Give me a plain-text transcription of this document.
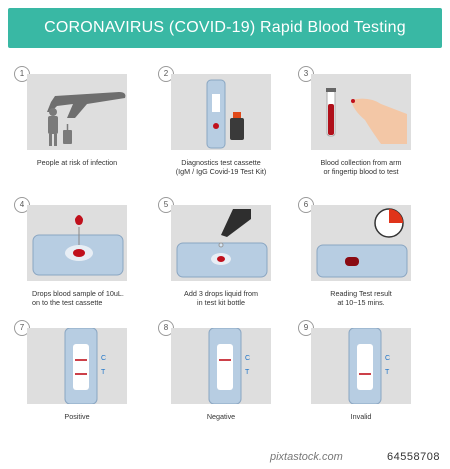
CORONAVIRUS (COVID-19) Rapid Blood Testing
1
People at risk of infection
2
Diagnostics test cassette
(IgM / IgG Covid-19 Test Kit)
3
Blood collection from arm
or fingertip blood to test
4
Drops blood sample of 10uL.
on to the test cassette
5
Add 3 drops liquid from
in test kit bottle
6
Reading Test result
at 10~15 mins.
7
C
T
Positive
8
C
T
Negative
9
C
T
Invalid
pixtastock.com	64558708
